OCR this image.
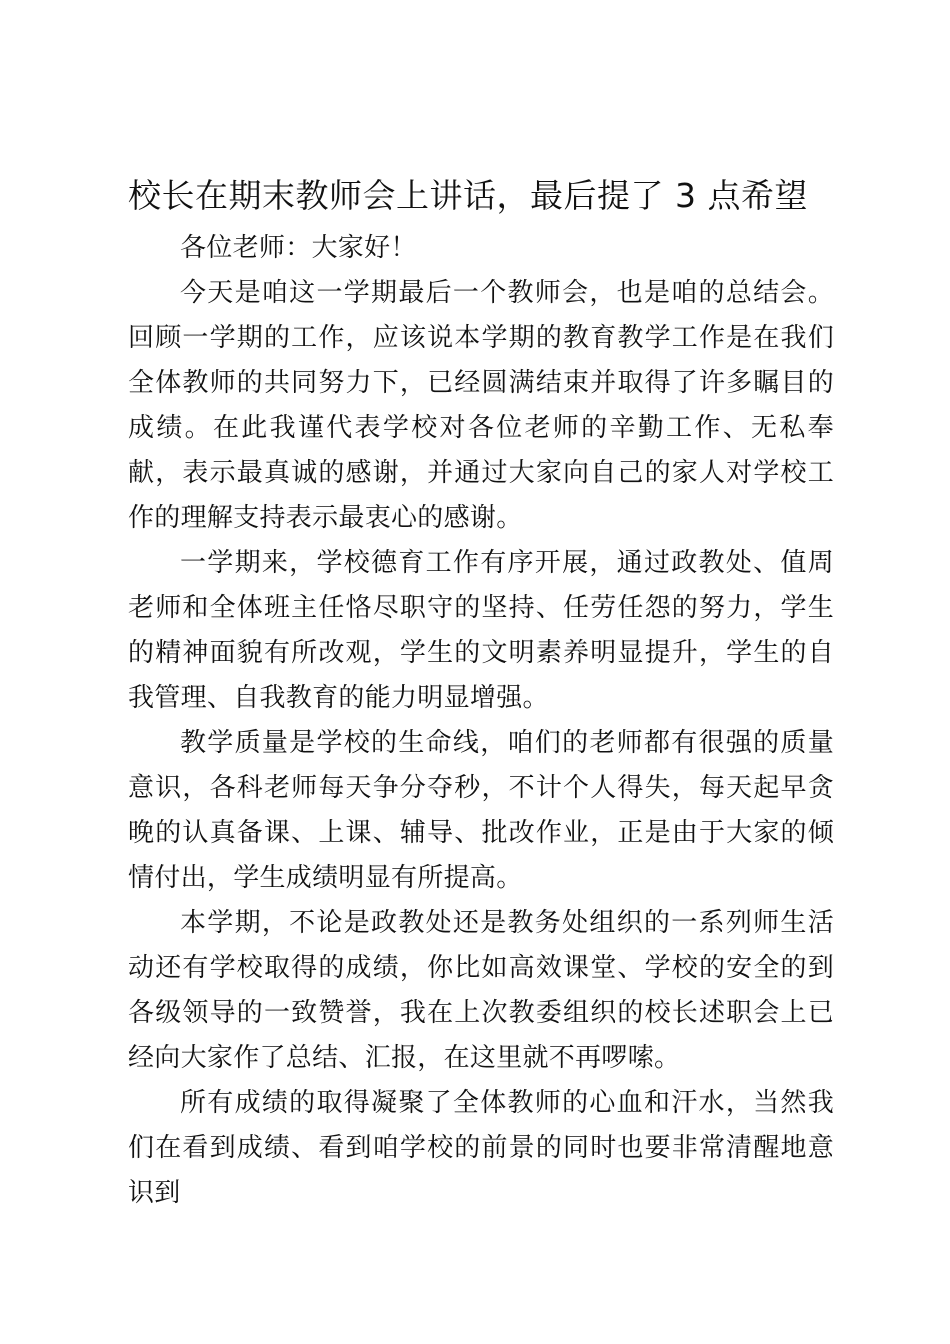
校长在期末教师会上讲话，最后提了 3 点希望

各位老师：大家好！

今天是咱这一学期最后一个教师会，也是咱的总结会。回顾一学期的工作，应该说本学期的教育教学工作是在我们全体教师的共同努力下，已经圆满结束并取得了许多瞩目的成绩。在此我谨代表学校对各位老师的辛勤工作、无私奉献，表示最真诚的感谢，并通过大家向自己的家人对学校工作的理解支持表示最衷心的感谢。

一学期来，学校德育工作有序开展，通过政教处、值周老师和全体班主任恪尽职守的坚持、任劳任怨的努力，学生的精神面貌有所改观，学生的文明素养明显提升，学生的自我管理、自我教育的能力明显增强。

教学质量是学校的生命线，咱们的老师都有很强的质量意识，各科老师每天争分夺秒，不计个人得失，每天起早贪晚的认真备课、上课、辅导、批改作业，正是由于大家的倾情付出，学生成绩明显有所提高。

本学期，不论是政教处还是教务处组织的一系列师生活动还有学校取得的成绩，你比如高效课堂、学校的安全的到各级领导的一致赞誉，我在上次教委组织的校长述职会上已经向大家作了总结、汇报，在这里就不再啰嗦。

所有成绩的取得凝聚了全体教师的心血和汗水，当然我们在看到成绩、看到咱学校的前景的同时也要非常清醒地意识到
